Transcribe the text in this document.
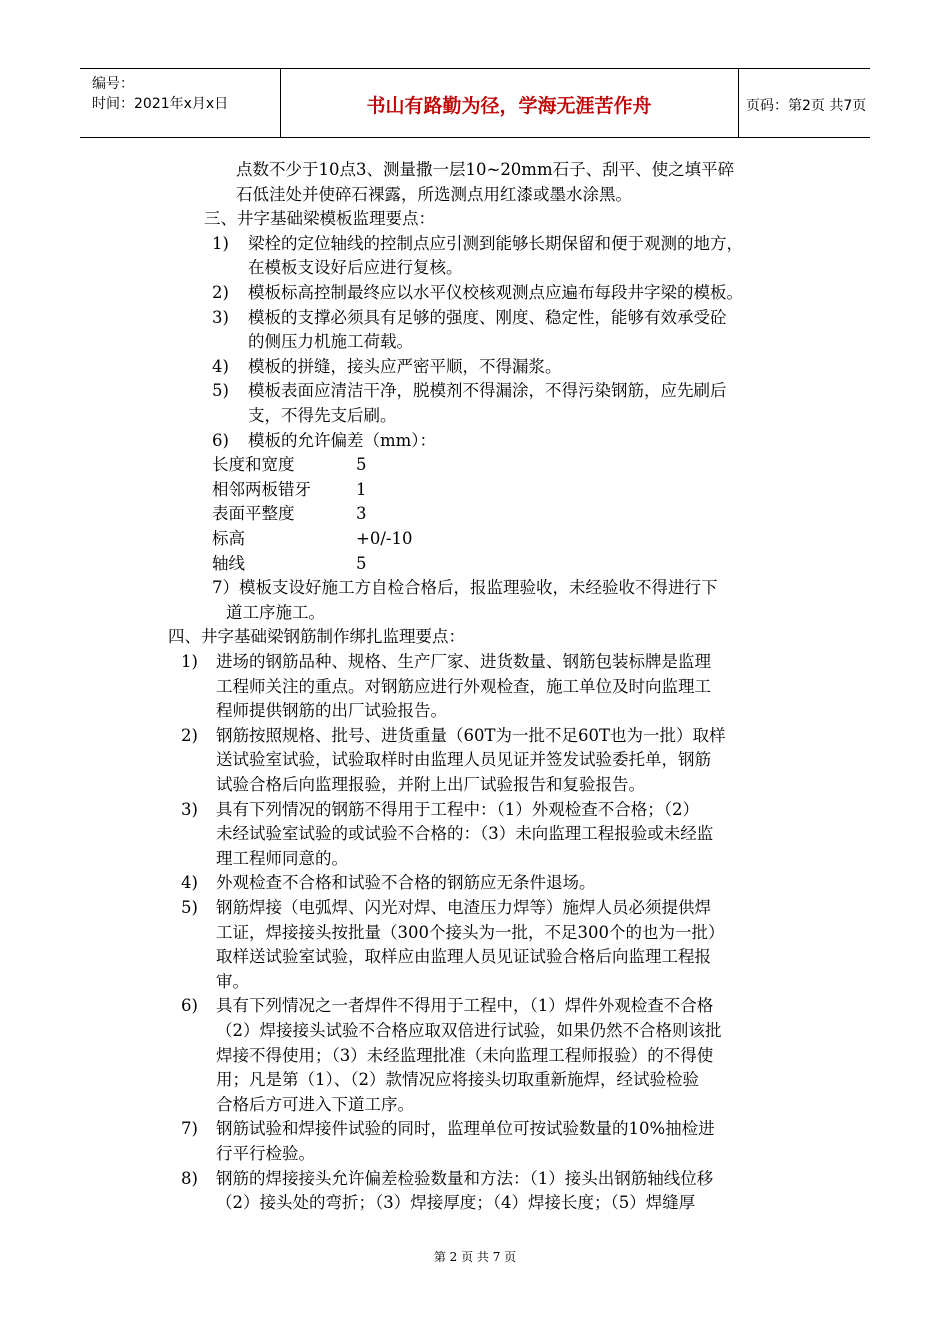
编号：
时间：2021年x月x日	书山有路勤为径，学海无涯苦作舟	页码：第2页 共7页
点数不少于10点3、测量撒一层10~20mm石子、刮平、使之填平碎
石低洼处并使碎石裸露，所选测点用红漆或墨水涂黑。
三、井字基础梁模板监理要点：
1) 梁栓的定位轴线的控制点应引测到能够长期保留和便于观测的地方，
在模板支设好后应进行复核。
2) 模板标高控制最终应以水平仪校核观测点应遍布每段井字梁的模板。
3) 模板的支撑必须具有足够的强度、刚度、稳定性，能够有效承受砼
的侧压力机施工荷载。
4) 模板的拼缝，接头应严密平顺，不得漏浆。
5) 模板表面应清洁干净，脱模剂不得漏涂，不得污染钢筋，应先刷后
支，不得先支后刷。
6) 模板的允许偏差（mm）：
长度和宽度	5
相邻两板错牙	1
表面平整度	3
标高	+0/-10
轴线	5
7）模板支设好施工方自检合格后，报监理验收，未经验收不得进行下
道工序施工。
四、井字基础梁钢筋制作绑扎监理要点：
1) 进场的钢筋品种、规格、生产厂家、进货数量、钢筋包装标牌是监理
工程师关注的重点。对钢筋应进行外观检查，施工单位及时向监理工
程师提供钢筋的出厂试验报告。
2) 钢筋按照规格、批号、进货重量（60T为一批不足60T也为一批）取样
送试验室试验，试验取样时由监理人员见证并签发试验委托单，钢筋
试验合格后向监理报验，并附上出厂试验报告和复验报告。
3) 具有下列情况的钢筋不得用于工程中：（1）外观检查不合格；（2）
未经试验室试验的或试验不合格的：（3）未向监理工程报验或未经监
理工程师同意的。
4) 外观检查不合格和试验不合格的钢筋应无条件退场。
5) 钢筋焊接（电弧焊、闪光对焊、电渣压力焊等）施焊人员必须提供焊
工证，焊接接头按批量（300个接头为一批，不足300个的也为一批）
取样送试验室试验，取样应由监理人员见证试验合格后向监理工程报
审。
6) 具有下列情况之一者焊件不得用于工程中，（1）焊件外观检查不合格
（2）焊接接头试验不合格应取双倍进行试验，如果仍然不合格则该批
焊接不得使用；（3）未经监理批准（未向监理工程师报验）的不得使
用；凡是第（1）、（2）款情况应将接头切取重新施焊，经试验检验
合格后方可进入下道工序。
7) 钢筋试验和焊接件试验的同时，监理单位可按试验数量的10%抽检进
行平行检验。
8) 钢筋的焊接接头允许偏差检验数量和方法：（1）接头出钢筋轴线位移
（2）接头处的弯折；（3）焊接厚度；（4）焊接长度；（5）焊缝厚
第 2 页 共 7 页
